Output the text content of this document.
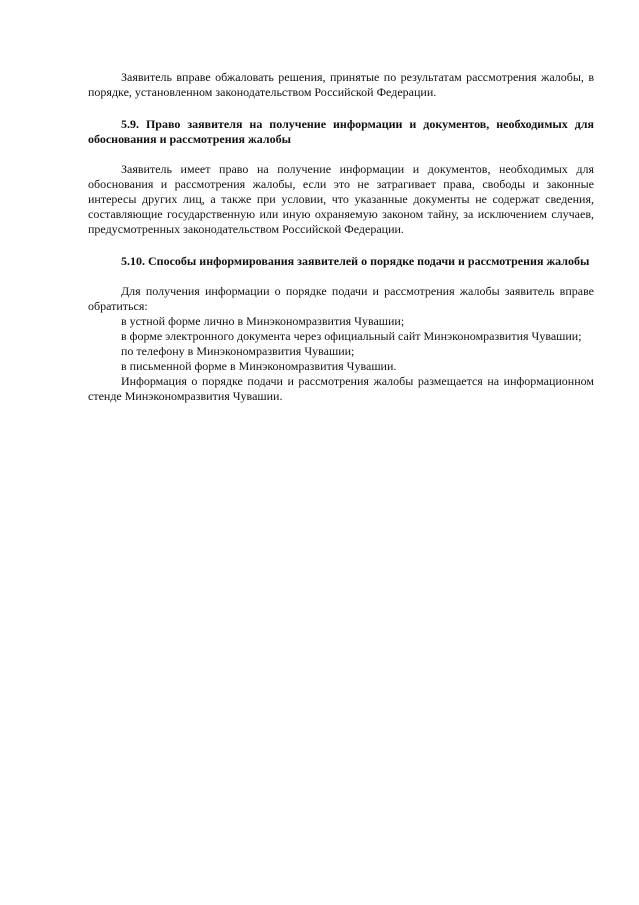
Заявитель вправе обжаловать решения, принятые по результатам рассмотрения жалобы, в порядке, установленном законодательством Российской Федерации.

5.9. Право заявителя на получение информации и документов, необходимых для обоснования и рассмотрения жалобы

Заявитель имеет право на получение информации и документов, необходимых для обоснования и рассмотрения жалобы, если это не затрагивает права, свободы и законные интересы других лиц, а также при условии, что указанные документы не содержат сведения, составляющие государственную или иную охраняемую законом тайну, за исключением случаев, предусмотренных законодательством Российской Федерации.

5.10. Способы информирования заявителей о порядке подачи и рассмотрения жалобы

Для получения информации о порядке подачи и рассмотрения жалобы заявитель вправе обратиться:

в устной форме лично в Минэкономразвития Чувашии;

в форме электронного документа через официальный сайт Минэкономразвития Чувашии;

по телефону в Минэкономразвития Чувашии;

в письменной форме в Минэкономразвития Чувашии.

Информация о порядке подачи и рассмотрения жалобы размещается на информационном стенде Минэкономразвития Чувашии.
